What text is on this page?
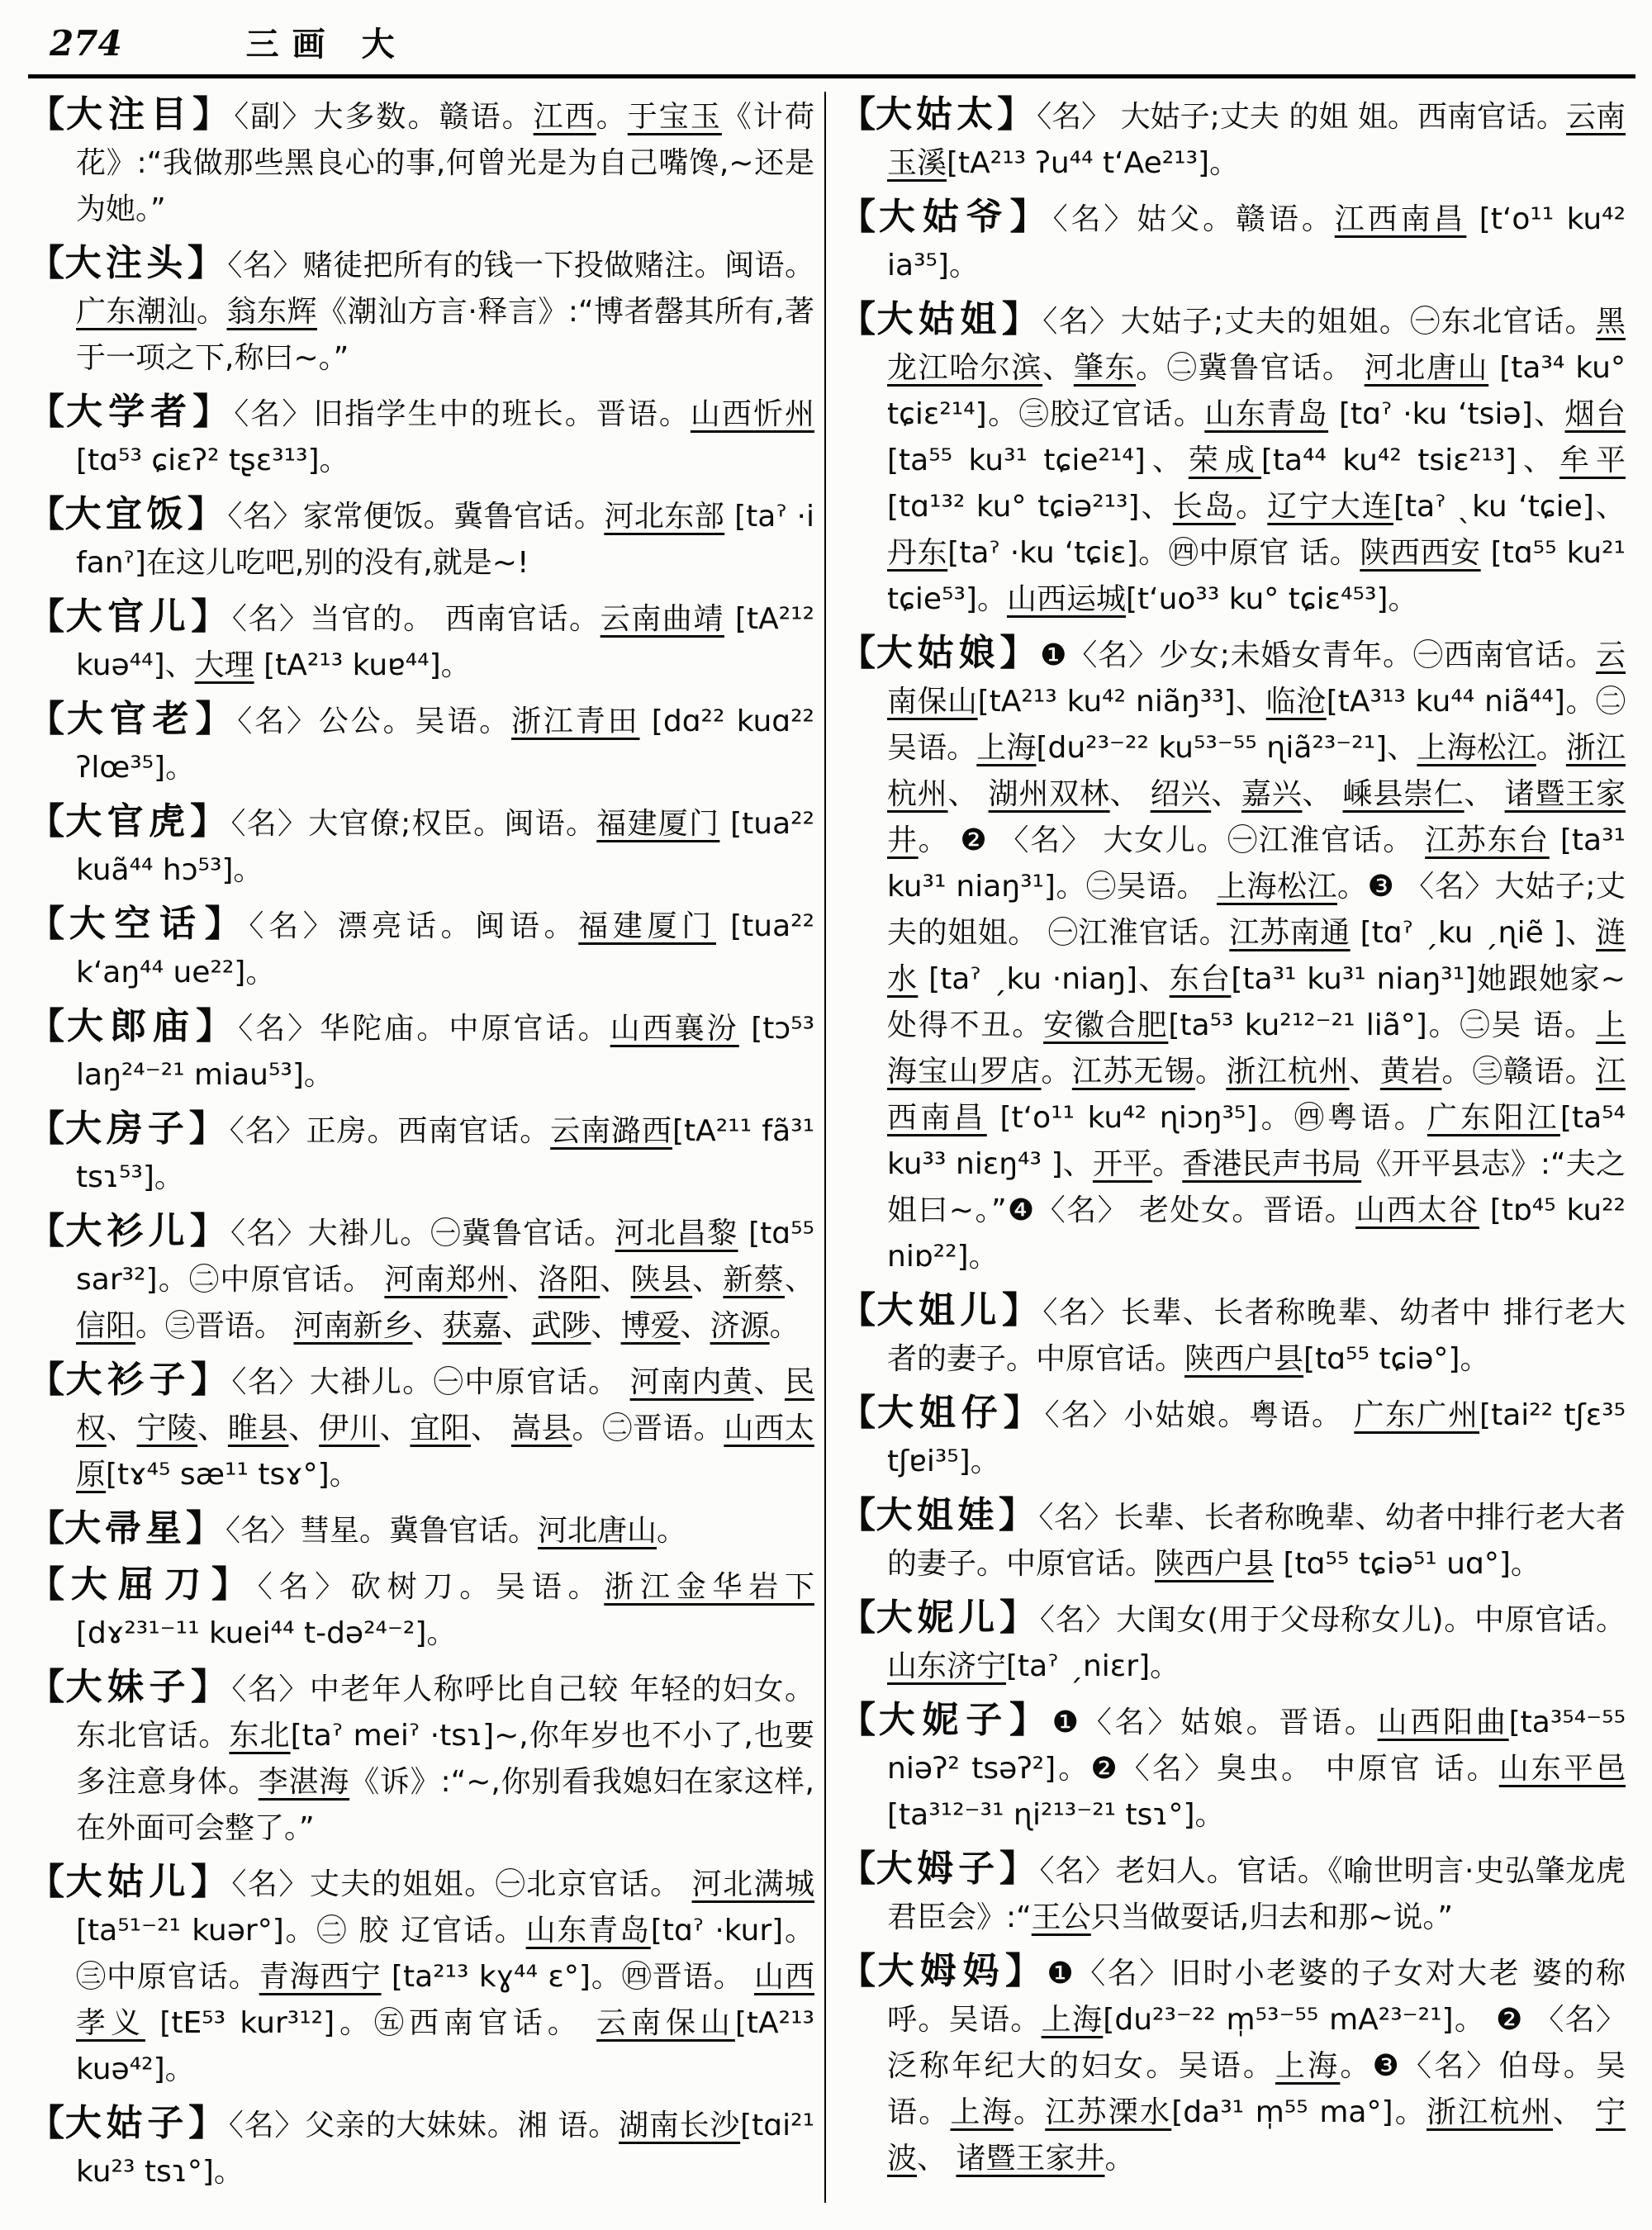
274	三画 大
【 大注目 】 〈副〉大多数。赣语。江西。于宝玉《计荷花》:“我做那些黑良心的事,何曾光是为自己嘴馋,~还是为她。”
【 大注头 】 〈名〉赌徒把所有的钱一下投做赌注。闽语。广东潮汕。翁东辉《潮汕方言·释言》:“博者罄其所有,著于一项之下,称曰~。”
【 大学者 】 〈名〉旧指学生中的班长。晋语。山西忻州 [tɑ⁵³ ɕiɛʔ² tʂɛ³¹³]。
【 大宜饭 】 〈名〉家常便饭。冀鲁官话。河北东部 [taˀ ·i fanˀ]在这儿吃吧,别的没有,就是~!
【 大官儿 】 〈名〉当官的。 西南官话。云南曲靖 [tA²¹² kuə⁴⁴]、大理 [tA²¹³ kuɐ⁴⁴]。
【 大官老 】 〈名〉公公。吴语。浙江青田 [dɑ²² kuɑ²² ʔlœ³⁵]。
【 大官虎 】 〈名〉大官僚;权臣。闽语。福建厦门 [tua²² kuã⁴⁴ hɔ⁵³]。
【 大空话 】 〈名〉漂亮话。闽语。福建厦门 [tua²² kʻaŋ⁴⁴ ue²²]。
【 大郎庙 】 〈名〉华陀庙。中原官话。山西襄汾 [tɔ⁵³ laŋ²⁴⁻²¹ miau⁵³]。
【 大房子 】 〈名〉正房。西南官话。云南潞西[tA²¹¹ fã³¹ tsɿ⁵³]。
【 大衫儿 】 〈名〉大褂儿。㊀冀鲁官话。河北昌黎 [tɑ⁵⁵ sar³²]。㊁中原官话。 河南郑州、洛阳、陕县、新蔡、 信阳。㊂晋语。 河南新乡、获嘉、武陟、博爱、济源。
【 大衫子 】 〈名〉大褂儿。㊀中原官话。 河南内黄、民权、宁陵、睢县、伊川、宜阳、 嵩县。㊁晋语。山西太原[tɤ⁴⁵ sæ¹¹ tsɤ°]。
【 大帚星 】 〈名〉彗星。冀鲁官话。河北唐山。
【 大屈刀 】 〈名〉砍树刀。吴语。浙江金华岩下 [dɤ²³¹⁻¹¹ kuei⁴⁴ t-də²⁴⁻²]。
【 大妹子 】 〈名〉中老年人称呼比自己较 年轻的妇女。东北官话。东北[taˀ meiˀ ·tsɿ]~,你年岁也不小了,也要多注意身体。李湛海《诉》:“~,你别看我媳妇在家这样,在外面可会整了。”
【 大姑儿 】 〈名〉丈夫的姐姐。㊀北京官话。 河北满城[ta⁵¹⁻²¹ kuər°]。㊁ 胶 辽官话。山东青岛[tɑˀ ·kur]。㊂中原官话。青海西宁 [ta²¹³ kɣ⁴⁴ ɛ°]。㊃晋语。 山西孝义 [tE⁵³ kur³¹²]。㊄西南官话。 云南保山[tA²¹³ kuə⁴²]。
【 大姑子 】 〈名〉父亲的大妹妹。湘 语。湖南长沙[tɑi²¹ ku²³ tsɿ°]。
【 大姑太 】 〈名〉 大姑子;丈夫 的姐 姐。西南官话。云南玉溪[tA²¹³ ʔu⁴⁴ tʻAe²¹³]。
【 大姑爷 】 〈名〉姑父。赣语。江西南昌 [tʻo¹¹ ku⁴² ia³⁵]。
【 大姑姐 】 〈名〉大姑子;丈夫的姐姐。㊀东北官话。黑龙江哈尔滨、肇东。㊁冀鲁官话。 河北唐山 [ta³⁴ ku° tɕiɛ²¹⁴]。㊂胶辽官话。山东青岛 [tɑˀ ·ku ʻtsiə]、烟台[ta⁵⁵ ku³¹ tɕie²¹⁴]、荣成[ta⁴⁴ ku⁴² tsiɛ²¹³]、牟平 [tɑ¹³² ku° tɕiə²¹³]、长岛。辽宁大连[taˀ ˎku ʻtɕie]、丹东[taˀ ·ku ʻtɕiɛ]。㊃中原官 话。陕西西安 [tɑ⁵⁵ ku²¹ tɕie⁵³]。山西运城[tʻuo³³ ku° tɕiɛ⁴⁵³]。
【 大姑娘 】 ❶〈名〉少女;未婚女青年。㊀西南官话。云南保山[tA²¹³ ku⁴² niãŋ³³]、临沧[tA³¹³ ku⁴⁴ niã⁴⁴]。㊁吴语。上海[du²³⁻²² ku⁵³⁻⁵⁵ ɳiã²³⁻²¹]、上海松江。浙江杭州、 湖州双林、 绍兴、嘉兴、 嵊县崇仁、 诸暨王家井。 ❷ 〈名〉 大女儿。㊀江淮官话。 江苏东台 [ta³¹ ku³¹ niaŋ³¹]。㊁吴语。 上海松江。❸ 〈名〉大姑子;丈夫的姐姐。 ㊀江淮官话。江苏南通 [tɑˀ ˏku ˏɳiẽ ]、涟水 [taˀ ˏku ·niaŋ]、东台[ta³¹ ku³¹ niaŋ³¹]她跟她家~处得不丑。安徽合肥[ta⁵³ ku²¹²⁻²¹ liã°]。㊁吴 语。上海宝山罗店。江苏无锡。浙江杭州、黄岩。㊂赣语。江西南昌 [tʻo¹¹ ku⁴² ɳiɔŋ³⁵]。㊃粤语。广东阳江[ta⁵⁴ ku³³ niɛŋ⁴³ ]、开平。香港民声书局《开平县志》:“夫之姐曰~。”❹〈名〉 老处女。晋语。山西太谷 [tɒ⁴⁵ ku²² niɒ²²]。
【 大姐儿 】 〈名〉长辈、长者称晚辈、幼者中 排行老大者的妻子。中原官话。陕西户县[tɑ⁵⁵ tɕiə°]。
【 大姐仔 】 〈名〉小姑娘。粤语。 广东广州[tai²² tʃɛ³⁵ tʃɐi³⁵]。
【 大姐娃 】 〈名〉长辈、长者称晚辈、幼者中排行老大者的妻子。中原官话。陕西户县 [tɑ⁵⁵ tɕiə⁵¹ uɑ°]。
【 大妮儿 】 〈名〉大闺女(用于父母称女儿)。中原官话。山东济宁[taˀ ˏniɛr]。
【 大妮子 】 ❶〈名〉姑娘。晋语。山西阳曲[ta³⁵⁴⁻⁵⁵ niəʔ² tsəʔ²]。❷〈名〉臭虫。 中原官 话。山东平邑 [ta³¹²⁻³¹ ɳi²¹³⁻²¹ tsɿ°]。
【 大姆子 】 〈名〉老妇人。官话。《喻世明言·史弘肇龙虎君臣会》:“王公只当做耍话,归去和那~说。”
【 大姆妈 】 ❶〈名〉旧时小老婆的子女对大老 婆的称呼。吴语。上海[du²³⁻²² m̩⁵³⁻⁵⁵ mA²³⁻²¹]。 ❷ 〈名〉泛称年纪大的妇女。吴语。上海。❸〈名〉伯母。吴语。上海。江苏溧水[da³¹ m̩⁵⁵ ma°]。浙江杭州、 宁波、 诸暨王家井。
